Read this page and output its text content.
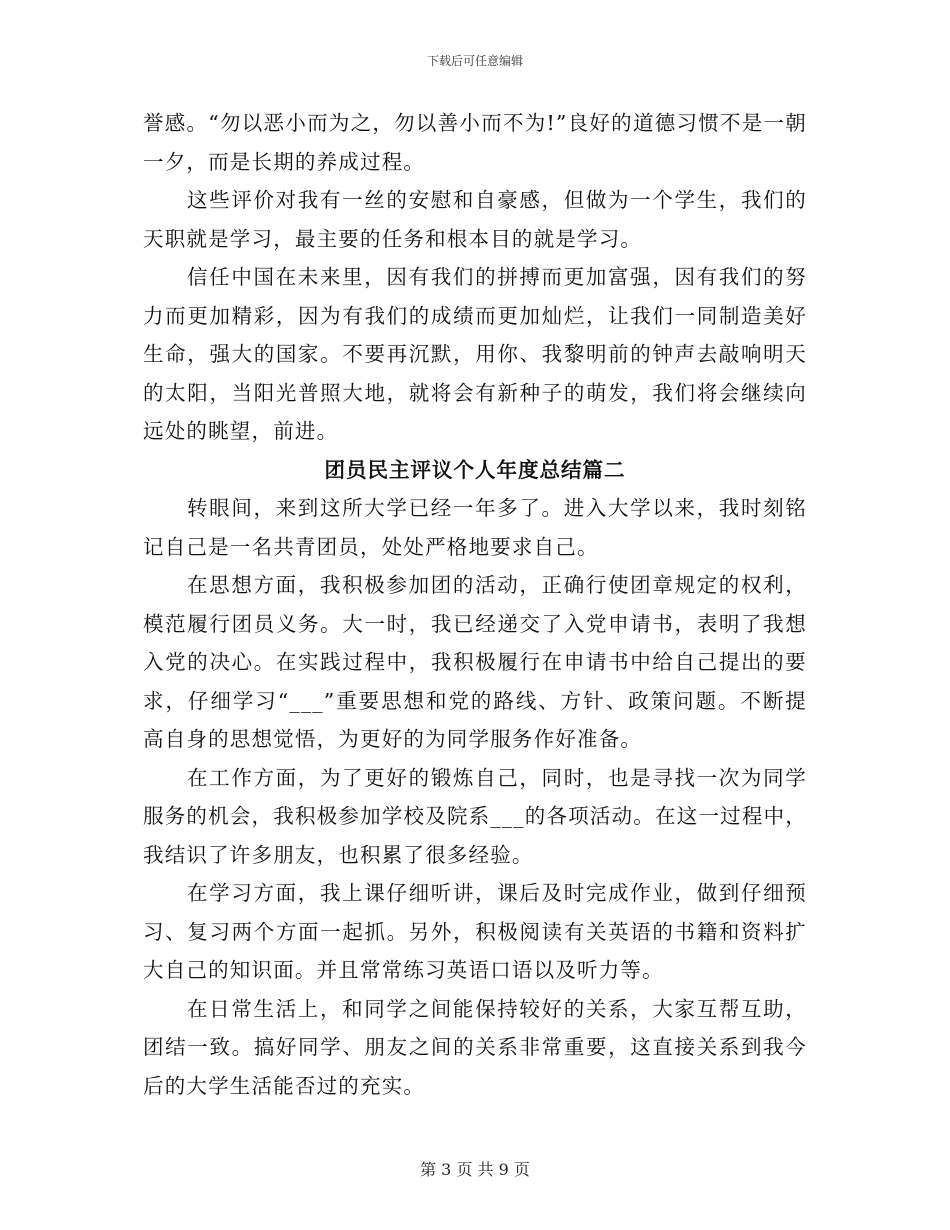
下载后可任意编辑

誉感。“勿以恶小而为之，勿以善小而不为!”良好的道德习惯不是一朝一夕，而是长期的养成过程。

这些评价对我有一丝的安慰和自豪感，但做为一个学生，我们的天职就是学习，最主要的任务和根本目的就是学习。

信任中国在未来里，因有我们的拼搏而更加富强，因有我们的努力而更加精彩，因为有我们的成绩而更加灿烂，让我们一同制造美好生命，强大的国家。不要再沉默，用你、我黎明前的钟声去敲响明天的太阳，当阳光普照大地，就将会有新种子的萌发，我们将会继续向远处的眺望，前进。

团员民主评议个人年度总结篇二

转眼间，来到这所大学已经一年多了。进入大学以来，我时刻铭记自己是一名共青团员，处处严格地要求自己。

在思想方面，我积极参加团的活动，正确行使团章规定的权利，模范履行团员义务。大一时，我已经递交了入党申请书，表明了我想入党的决心。在实践过程中，我积极履行在申请书中给自己提出的要求，仔细学习“___”重要思想和党的路线、方针、政策问题。不断提高自身的思想觉悟，为更好的为同学服务作好准备。

在工作方面，为了更好的锻炼自己，同时，也是寻找一次为同学服务的机会，我积极参加学校及院系___的各项活动。在这一过程中，我结识了许多朋友，也积累了很多经验。

在学习方面，我上课仔细听讲，课后及时完成作业，做到仔细预习、复习两个方面一起抓。另外，积极阅读有关英语的书籍和资料扩大自己的知识面。并且常常练习英语口语以及听力等。

在日常生活上，和同学之间能保持较好的关系，大家互帮互助，团结一致。搞好同学、朋友之间的关系非常重要，这直接关系到我今后的大学生活能否过的充实。

第 3 页 共 9 页
